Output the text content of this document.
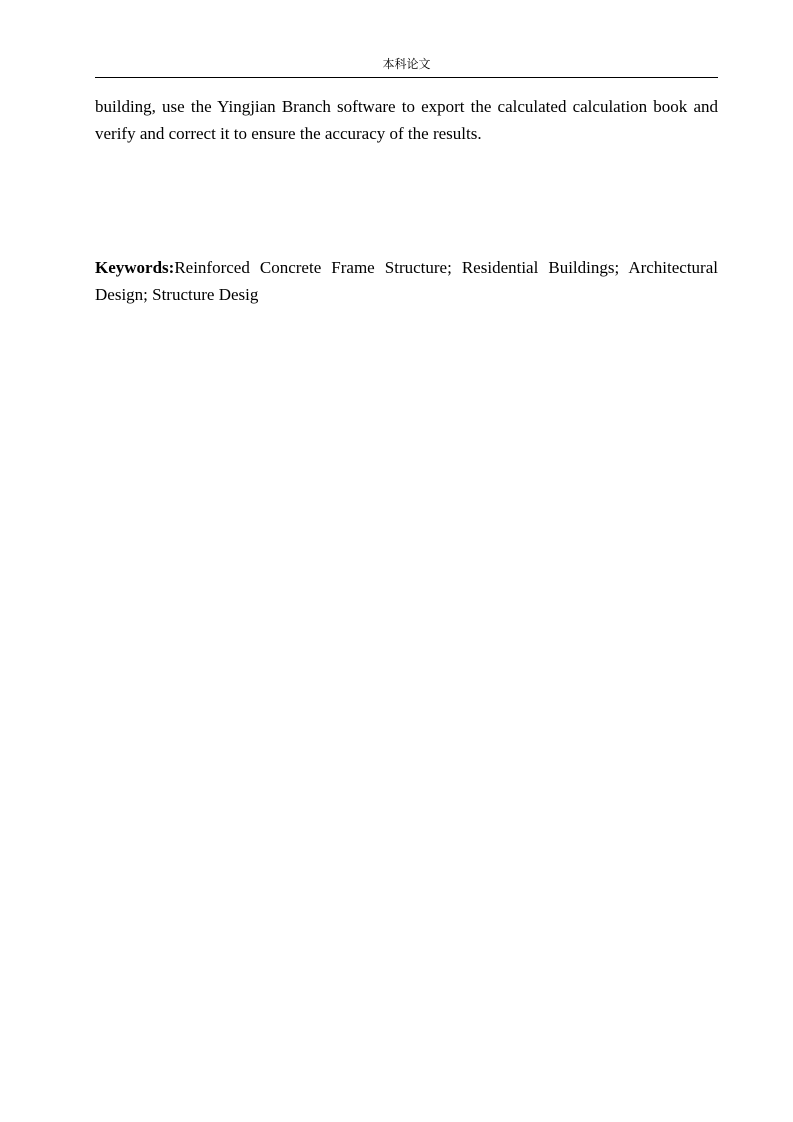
本科论文

building, use the Yingjian Branch software to export the calculated calculation book and verify and correct it to ensure the accuracy of the results.

Keywords:Reinforced Concrete Frame Structure; Residential Buildings; Architectural Design; Structure Desig
